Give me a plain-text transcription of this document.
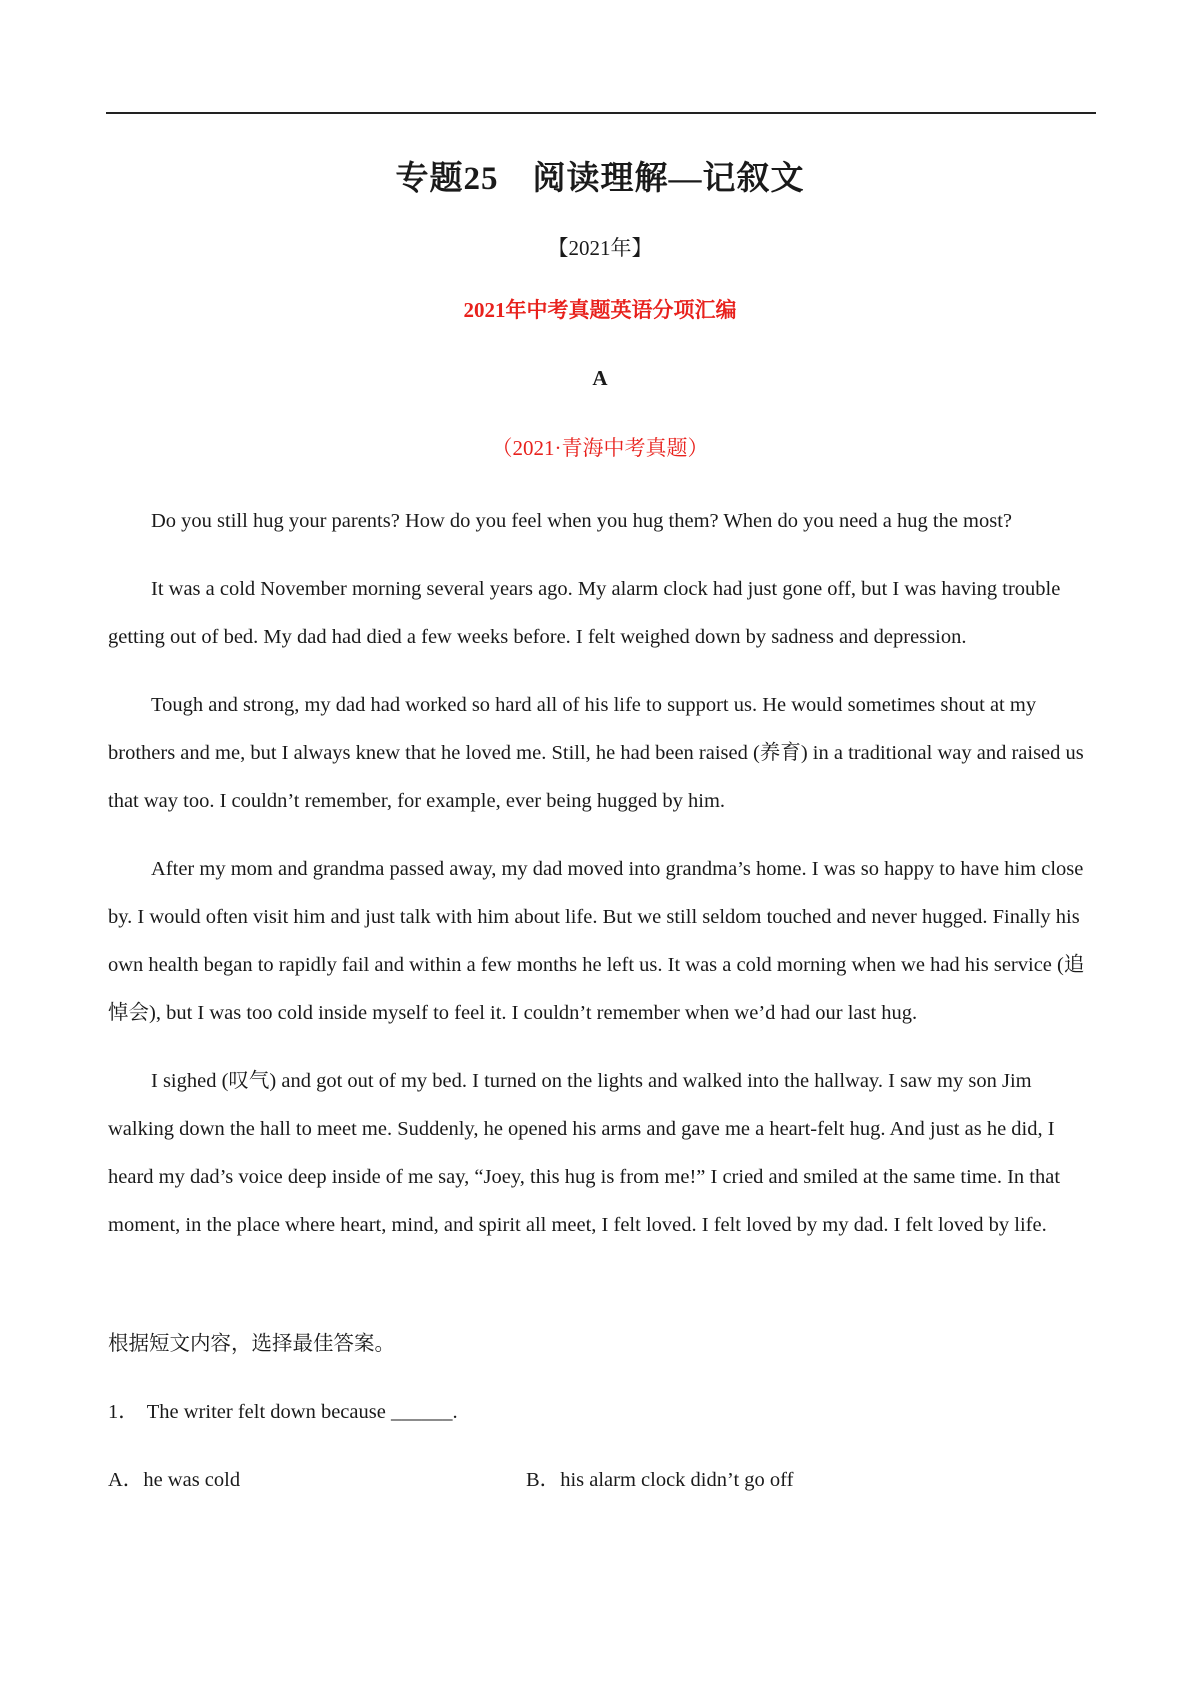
专题25　阅读理解—记叙文
【2021年】
2021年中考真题英语分项汇编
A
（2021·青海中考真题）

Do you still hug your parents? How do you feel when you hug them? When do you need a hug the most?

It was a cold November morning several years ago. My alarm clock had just gone off, but I was having trouble getting out of bed. My dad had died a few weeks before. I felt weighed down by sadness and depression.

Tough and strong, my dad had worked so hard all of his life to support us. He would sometimes shout at my brothers and me, but I always knew that he loved me. Still, he had been raised (养育) in a traditional way and raised us that way too. I couldn’t remember, for example, ever being hugged by him.

After my mom and grandma passed away, my dad moved into grandma’s home. I was so happy to have him close by. I would often visit him and just talk with him about life. But we still seldom touched and never hugged. Finally his own health began to rapidly fail and within a few months he left us. It was a cold morning when we had his service (追悼会), but I was too cold inside myself to feel it. I couldn’t remember when we’d had our last hug.

I sighed (叹气) and got out of my bed. I turned on the lights and walked into the hallway. I saw my son Jim walking down the hall to meet me. Suddenly, he opened his arms and gave me a heart-felt hug. And just as he did, I heard my dad’s voice deep inside of me say, “Joey, this hug is from me!” I cried and smiled at the same time. In that moment, in the place where heart, mind, and spirit all meet, I felt loved. I felt loved by my dad. I felt loved by life.

根据短文内容，选择最佳答案。
1． The writer felt down because ______.
A．he was cold	B．his alarm clock didn’t go off
